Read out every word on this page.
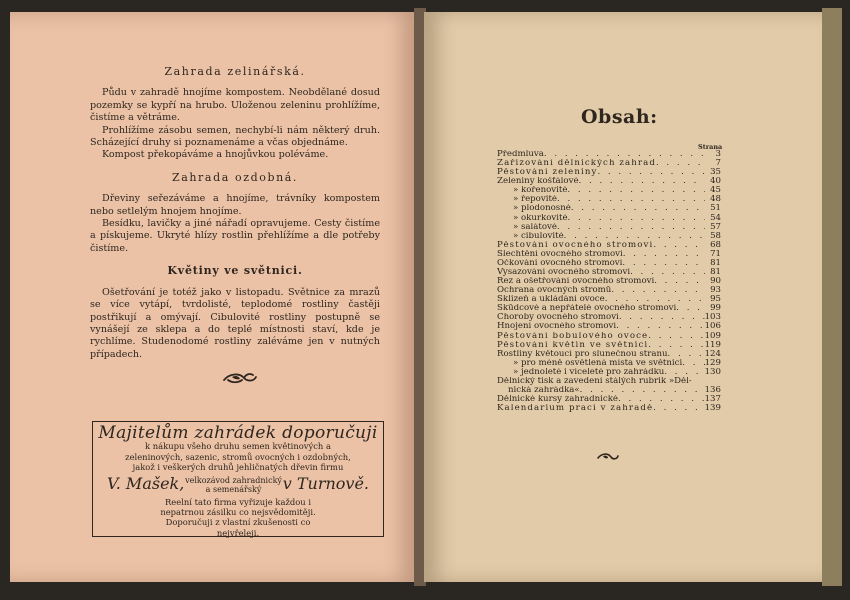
Zahrada zelinářská.

Půdu v zahradě hnojíme kompostem. Neobdělané dosud pozemky se kypří na hrubo. Uloženou zeleninu prohlížíme, čistíme a větráme.

Prohlížíme zásobu semen, nechybí-li nám některý druh. Scházející druhy si poznamenáme a včas objednáme.

Kompost překopáváme a hnojůvkou poléváme.

Zahrada ozdobná.

Dřeviny seřezáváme a hnojíme, trávníky kompostem nebo setlelým hnojem hnojíme.

Besídku, lavičky a jiné nářadí opravujeme. Cesty čistíme a pískujeme. Ukryté hlízy rostlin přehlížíme a dle potřeby čistíme.

Květiny ve světnici.

Ošetřování je totéž jako v listopadu. Světnice za mrazů se více vytápí, tvrdolisté, teplodomé rostliny častěji postřikují a omývají. Cibulovité rostliny postupně se vynášejí ze sklepa a do teplé místnosti staví, kde je rychlíme. Studenodomé rostliny zaléváme jen v nutných případech.

Majitelům zahrádek doporučuji
k nákupu všeho druhu semen květinových a zeleninových, sazenic, stromů ovocných i ozdobných, jakož i veškerých druhů jehličnatých dřevin firmu
V. Mašek, velkozávod zahradnický
a semenářský	v Turnově.
Reelní tato firma vyřizuje každou i nepatrnou zásilku co nejsvědomitěji. Doporučuji z vlastní zkušenosti co nejvřeleji.
Obsah:
Strana
Předmluva . . .	3
Zařizování dělnických zahrad . . .	7
Pěstování zeleniny . . .	35
Zeleniny košťálové . . .	40
» kořenovité . . .	45
» řepovité . . .	48
» plodonosné . . .	51
» okurkovité . . .	54
» salátové . . .	57
» cibulovité . . .	58
Pěstování ovocného stromoví . . .	68
Šlechtění ovocného stromoví . . .	71
Očkování ovocného stromoví . . .	81
Vysazování ovocného stromoví . . .	81
Řez a ošetřování ovocného stromoví . . .	90
Ochrana ovocných stromů . . .	93
Sklizeň a ukládání ovoce . . .	95
Škůdcové a nepřátelé ovocného stromoví . . .	99
Choroby ovocného stromoví . . .	103
Hnojení ovocného stromoví . . .	106
Pěstování bobulového ovoce . . .	109
Pěstování květin ve světnici . . .	119
Rostliny květoucí pro slunečnou stranu . . .	124
» pro méně osvětlená místa ve světnici . . .	129
» jednoleté i víceleté pro zahrádku . . .	130
Dělnický tisk a zavedení stálých rubrik »Děl-
nická zahrádka« . . .	136
Dělnické kursy zahradnické . . .	137
Kalendarium prací v zahradě . . .	139
